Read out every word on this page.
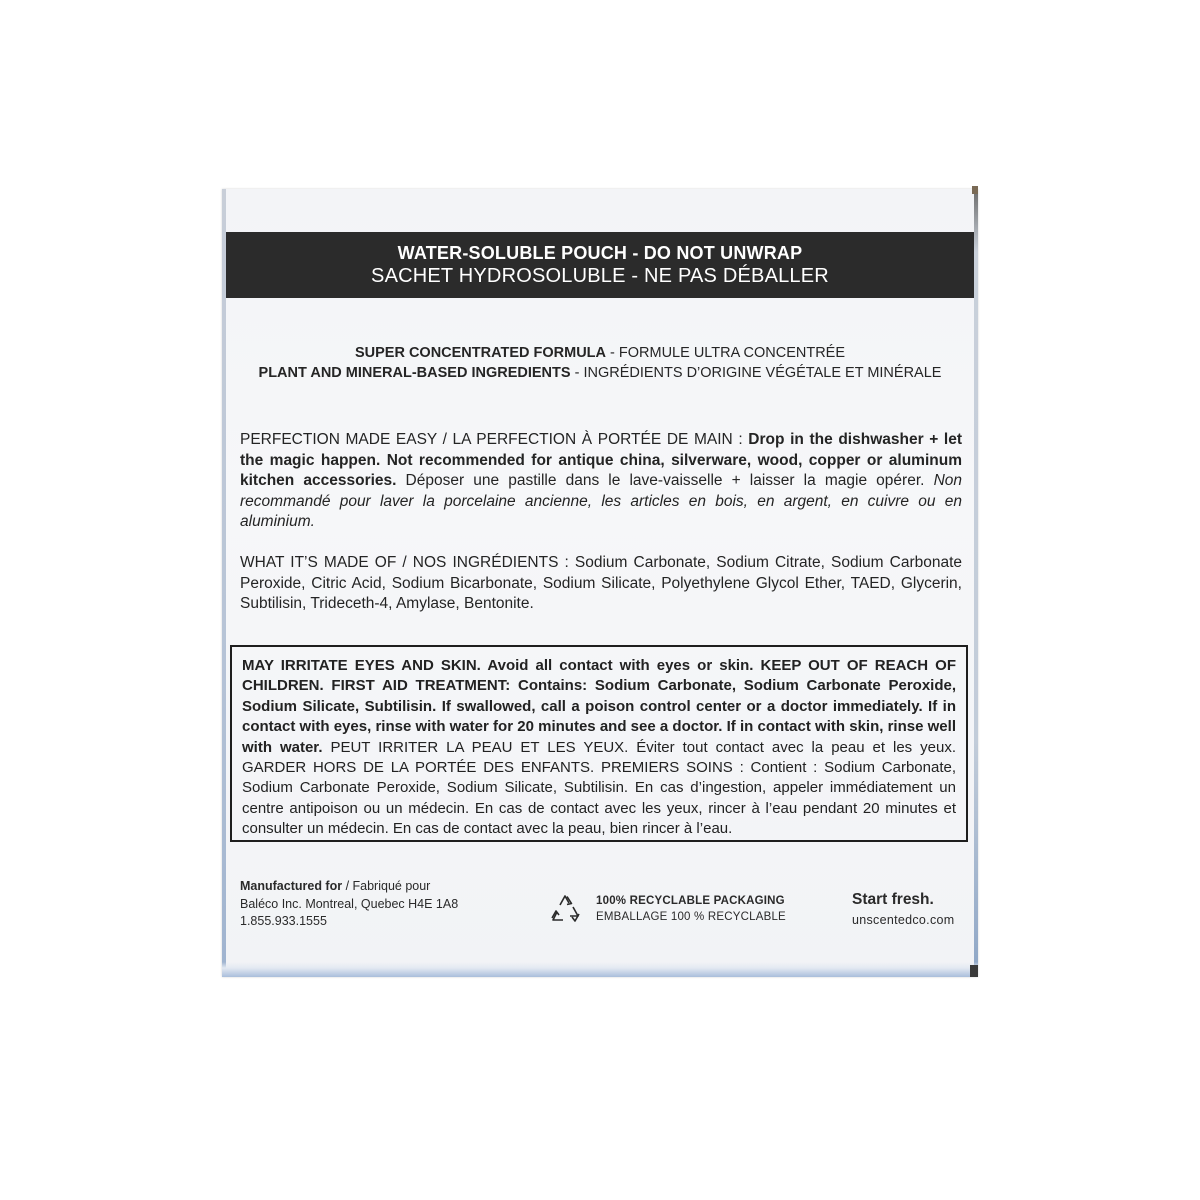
WATER-SOLUBLE POUCH - DO NOT UNWRAP
SACHET HYDROSOLUBLE - NE PAS DÉBALLER
SUPER CONCENTRATED FORMULA - FORMULE ULTRA CONCENTRÉE
PLANT AND MINERAL-BASED INGREDIENTS - INGRÉDIENTS D’ORIGINE VÉGÉTALE ET MINÉRALE
PERFECTION MADE EASY / LA PERFECTION À PORTÉE DE MAIN : Drop in the dishwasher + let the magic happen. Not recommended for antique china, silverware, wood, copper or aluminum kitchen accessories. Déposer une pastille dans le lave-vaisselle + laisser la magie opérer. Non recommandé pour laver la porcelaine ancienne, les articles en bois, en argent, en cuivre ou en aluminium.
WHAT IT’S MADE OF / NOS INGRÉDIENTS : Sodium Carbonate, Sodium Citrate, Sodium Carbonate Peroxide, Citric Acid, Sodium Bicarbonate, Sodium Silicate, Polyethylene Glycol Ether, TAED, Glycerin, Subtilisin, Trideceth-4, Amylase, Bentonite.
MAY IRRITATE EYES AND SKIN. Avoid all contact with eyes or skin. KEEP OUT OF REACH OF CHILDREN. FIRST AID TREATMENT: Contains: Sodium Carbonate, Sodium Carbonate Peroxide, Sodium Silicate, Subtilisin. If swallowed, call a poison control center or a doctor immediately. If in contact with eyes, rinse with water for 20 minutes and see a doctor. If in contact with skin, rinse well with water. PEUT IRRITER LA PEAU ET LES YEUX. Éviter tout contact avec la peau et les yeux. GARDER HORS DE LA PORTÉE DES ENFANTS. PREMIERS SOINS : Contient : Sodium Carbonate, Sodium Carbonate Peroxide, Sodium Silicate, Subtilisin. En cas d’ingestion, appeler immédiatement un centre antipoison ou un médecin. En cas de contact avec les yeux, rincer à l’eau pendant 20 minutes et consulter un médecin. En cas de contact avec la peau, bien rincer à l’eau.
Manufactured for / Fabriqué pour
Baléco Inc. Montreal, Quebec H4E 1A8
1.855.933.1555
100% RECYCLABLE PACKAGING
EMBALLAGE 100 % RECYCLABLE
Start fresh.
unscentedco.com
